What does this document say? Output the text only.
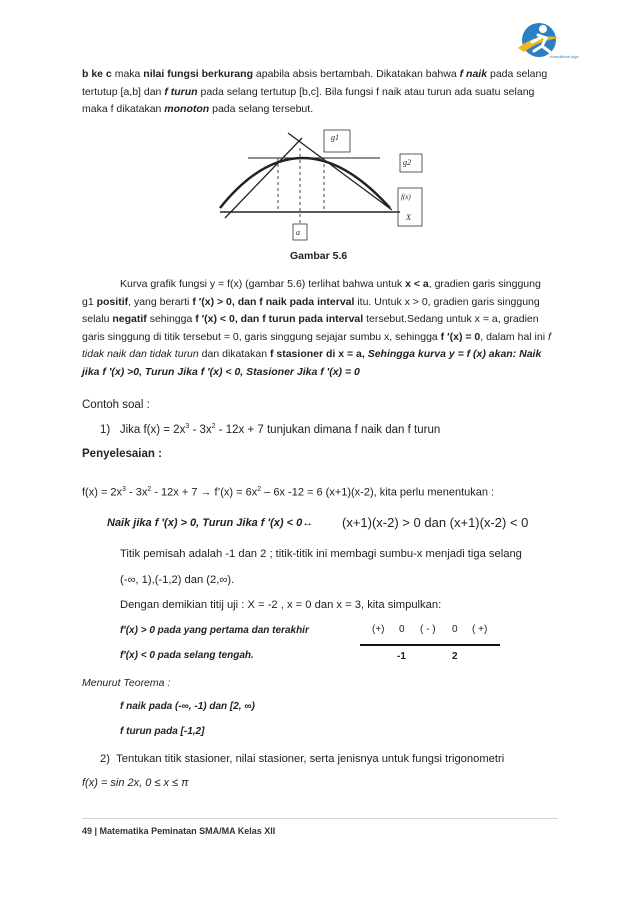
Kemdikbud logo
b ke c maka nilai fungsi berkurang apabila absis bertambah. Dikatakan bahwa f naik pada selang
tertutup [a,b] dan f turun pada selang tertutup [b,c]. Bila fungsi f naik atau turun ada suatu selang
maka f dikatakan monoton pada selang tersebut.
g1
g2
f(x)
X
a
Gambar 5.6
Kurva grafik fungsi y = f(x) (gambar 5.6) terlihat bahwa untuk x < a, gradien garis singgung
g1 positif, yang berarti f ′(x) > 0, dan f naik pada interval itu. Untuk x > 0, gradien garis singgung
selalu negatif sehingga f ′(x) < 0, dan f turun pada interval tersebut.Sedang untuk x = a, gradien
garis singgung di titik tersebut = 0, garis singgung sejajar sumbu x, sehingga f ′(x) = 0, dalam hal ini f
tidak naik dan tidak turun dan dikatakan f stasioner di x = a, Sehingga kurva y = f (x) akan: Naik
jika f ′(x) >0, Turun Jika f ′(x) < 0, Stasioner Jika f ′(x) = 0
Contoh soal :
1) Jika $f(x) = 2x^3 - 3x^2 - 12x + 7$ tunjukan dimana f naik dan f turun
Penyelesaian :
$f(x) = 2x^3 - 3x^2 - 12x + 7$ → f’(x) = $6x^2 - 6x$ -12 = 6 (x+1)(x-2), kita perlu menentukan :
Naik jika f ′(x) > 0, Turun Jika f ′(x) < 0↔ (x+1)(x-2) > 0 dan (x+1)(x-2) < 0
Titik pemisah adalah -1 dan 2 ; titik-titik ini membagi sumbu-x menjadi tiga selang
(-∞, 1),(-1,2) dan (2,∞).
Dengan demikian titij uji : X = -2 , x = 0 dan x = 3, kita simpulkan:
f′(x) > 0 pada yang pertama dan terakhir
f′(x) < 0 pada selang tengah.
(+) 0 ( - ) 0 ( +)
-1	2
Menurut Teorema :
f naik pada (-∞, -1) dan [2, ∞)
f turun pada [-1,2]
2) Tentukan titik stasioner, nilai stasioner, serta jenisnya untuk fungsi trigonometri
f(x) = sin 2x, 0 ≤ x ≤ π
49 | Matematika Peminatan SMA/MA Kelas XII
